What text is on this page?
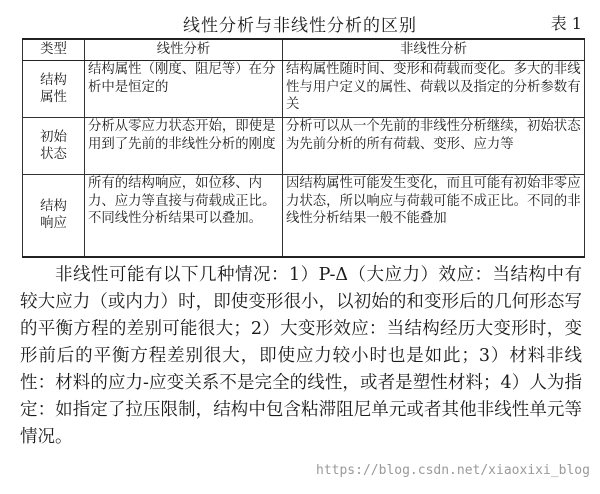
线性分析与非线性分析的区别	表 1
类型	线性分析	非线性分析
结构属性	结构属性（刚度、阻尼等）在分析中是恒定的	结构属性随时间、变形和荷载而变化。多大的非线性与用户定义的属性、荷载以及指定的分析参数有关
初始状态	分析从零应力状态开始，即使是用到了先前的非线性分析的刚度	分析可以从一个先前的非线性分析继续，初始状态为先前分析的所有荷载、变形、应力等
结构响应	所有的结构响应，如位移、内力、应力等直接与荷载成正比。不同线性分析结果可以叠加。	因结构属性可能发生变化，而且可能有初始非零应力状态，所以响应与荷载可能不成正比。不同的非线性分析结果一般不能叠加

非线性可能有以下几种情况：1）P-Δ（大应力）效应：当结构中有较大应力（或内力）时，即使变形很小，以初始的和变形后的几何形态写的平衡方程的差别可能很大；2）大变形效应：当结构经历大变形时，变形前后的平衡方程差别很大，即使应力较小时也是如此；3）材料非线性：材料的应力-应变关系不是完全的线性，或者是塑性材料；4）人为指定：如指定了拉压限制，结构中包含粘滞阻尼单元或者其他非线性单元等情况。

https://blog.csdn.net/xiaoxixi_blog
